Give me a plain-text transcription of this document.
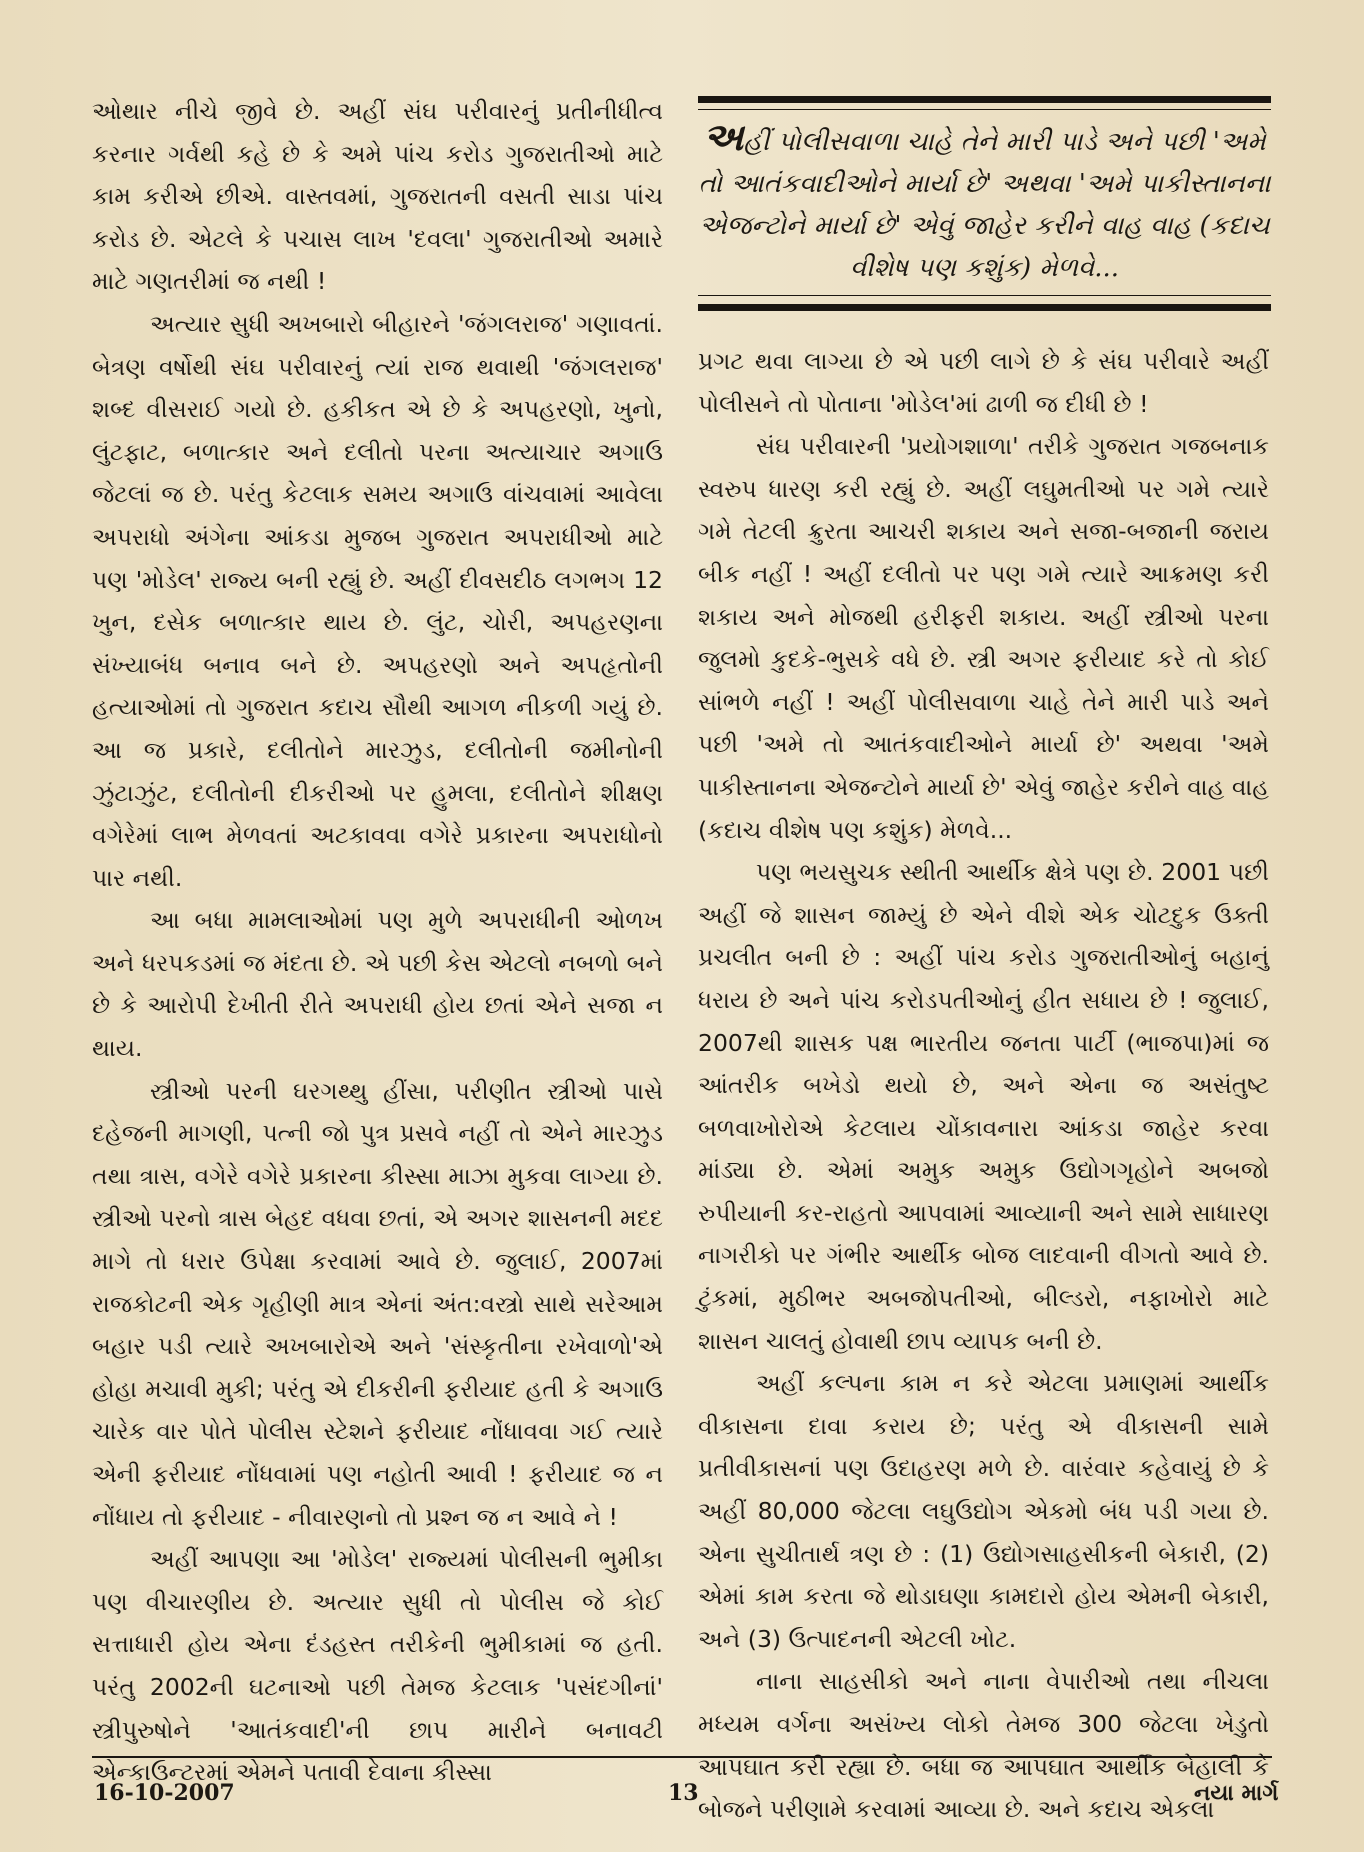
ઓથાર નીચે જીવે છે. અહીં સંઘ પરીવારનું પ્રતીનીધીત્વ કરનાર ગર્વથી કહે છે કે અમે પાંચ કરોડ ગુજરાતીઓ માટે કામ કરીએ છીએ. વાસ્તવમાં, ગુજરાતની વસતી સાડા પાંચ કરોડ છે. એટલે કે પચાસ લાખ 'દવલા' ગુજરાતીઓ અમારે માટે ગણતરીમાં જ નથી !

અત્યાર સુધી અખબારો બીહારને 'જંગલરાજ' ગણાવતાં. બેત્રણ વર્ષોથી સંઘ પરીવારનું ત્યાં રાજ થવાથી 'જંગલરાજ' શબ્દ વીસરાઈ ગયો છે. હકીકત એ છે કે અપહરણો, ખુનો, લુંટફાટ, બળાત્કાર અને દલીતો પરના અત્યાચાર અગાઉ જેટલાં જ છે. પરંતુ કેટલાક સમય અગાઉ વાંચવામાં આવેલા અપરાધો અંગેના આંકડા મુજબ ગુજરાત અપરાધીઓ માટે પણ 'મોડેલ' રાજ્ય બની રહ્યું છે. અહીં દીવસદીઠ લગભગ 12 ખુન, દસેક બળાત્કાર થાય છે. લુંટ, ચોરી, અપહરણના સંખ્યાબંધ બનાવ બને છે. અપહરણો અને અપહૃતોની હત્યાઓમાં તો ગુજરાત કદાચ સૌથી આગળ નીકળી ગયું છે. આ જ પ્રકારે, દલીતોને મારઝુડ, દલીતોની જમીનોની ઝુંટાઝુંટ, દલીતોની દીકરીઓ પર હુમલા, દલીતોને શીક્ષણ વગેરેમાં લાભ મેળવતાં અટકાવવા વગેરે પ્રકારના અપરાધોનો પાર નથી.

આ બધા મામલાઓમાં પણ મુળે અપરાધીની ઓળખ અને ધરપકડમાં જ મંદતા છે. એ પછી કેસ એટલો નબળો બને છે કે આરોપી દેખીતી રીતે અપરાધી હોય છતાં એને સજા ન થાય.

સ્ત્રીઓ પરની ઘરગથ્થુ હીંસા, પરીણીત સ્ત્રીઓ પાસે દહેજની માગણી, પત્ની જો પુત્ર પ્રસવે નહીં તો એને મારઝુડ તથા ત્રાસ, વગેરે વગેરે પ્રકારના કીસ્સા માઝા મુકવા લાગ્યા છે. સ્ત્રીઓ પરનો ત્રાસ બેહદ વધવા છતાં, એ અગર શાસનની મદદ માગે તો ધરાર ઉપેક્ષા કરવામાં આવે છે. જુલાઈ, 2007માં રાજકોટની એક ગૃહીણી માત્ર એનાં અંત:વસ્ત્રો સાથે સરેઆમ બહાર પડી ત્યારે અખબારોએ અને 'સંસ્કૃતીના રખેવાળો'એ હોહા મચાવી મુકી; પરંતુ એ દીકરીની ફરીયાદ હતી કે અગાઉ ચારેક વાર પોતે પોલીસ સ્ટેશને ફરીયાદ નોંધાવવા ગઈ ત્યારે એની ફરીયાદ નોંધવામાં પણ નહોતી આવી ! ફરીયાદ જ ન નોંધાય તો ફરીયાદ - નીવારણનો તો પ્રશ્ન જ ન આવે ને !

અહીં આપણા આ 'મોડેલ' રાજ્યમાં પોલીસની ભુમીકા પણ વીચારણીય છે. અત્યાર સુધી તો પોલીસ જે કોઈ સત્તાધારી હોય એના દંડહસ્ત તરીકેની ભુમીકામાં જ હતી. પરંતુ 2002ની ઘટનાઓ પછી તેમજ કેટલાક 'પસંદગીનાં' સ્ત્રીપુરુષોને 'આતંકવાદી'ની છાપ મારીને બનાવટી એન્કાઉન્ટરમાં એમને પતાવી દેવાના કીસ્સા

અહીં પોલીસવાળા ચાહે તેને મારી પાડે અને પછી 'અમે તો આતંકવાદીઓને માર્યા છે' અથવા 'અમે પાકીસ્તાનના એજન્ટોને માર્યા છે' એવું જાહેર કરીને વાહ વાહ (કદાચ વીશેષ પણ કશુંક) મેળવે...

પ્રગટ થવા લાગ્યા છે એ પછી લાગે છે કે સંઘ પરીવારે અહીં પોલીસને તો પોતાના 'મોડેલ'માં ઢાળી જ દીધી છે !

સંઘ પરીવારની 'પ્રયોગશાળા' તરીકે ગુજરાત ગજબનાક સ્વરુપ ધારણ કરી રહ્યું છે. અહીં લઘુમતીઓ પર ગમે ત્યારે ગમે તેટલી ક્રુરતા આચરી શકાય અને સજા-બજાની જરાય બીક નહીં ! અહીં દલીતો પર પણ ગમે ત્યારે આક્રમણ કરી શકાય અને મોજથી હરીફરી શકાય. અહીં સ્ત્રીઓ પરના જુલમો કુદકે-ભુસકે વધે છે. સ્ત્રી અગર ફરીયાદ કરે તો કોઈ સાંભળે નહીં ! અહીં પોલીસવાળા ચાહે તેને મારી પાડે અને પછી 'અમે તો આતંકવાદીઓને માર્યા છે' અથવા 'અમે પાકીસ્તાનના એજન્ટોને માર્યા છે' એવું જાહેર કરીને વાહ વાહ (કદાચ વીશેષ પણ કશુંક) મેળવે...

પણ ભયસુચક સ્થીતી આર્થીક ક્ષેત્રે પણ છે. 2001 પછી અહીં જે શાસન જામ્યું છે એને વીશે એક ચોટદુક ઉક્તી પ્રચલીત બની છે : અહીં પાંચ કરોડ ગુજરાતીઓનું બહાનું ધરાય છે અને પાંચ કરોડપતીઓનું હીત સધાય છે ! જુલાઈ, 2007થી શાસક પક્ષ ભારતીય જનતા પાર્ટી (ભાજપા)માં જ આંતરીક બખેડો થયો છે, અને એના જ અસંતુષ્ટ બળવાખોરોએ કેટલાય ચોંકાવનારા આંકડા જાહેર કરવા માંડ્યા છે. એમાં અમુક અમુક ઉદ્યોગગૃહોને અબજો રુપીયાની કર-રાહતો આપવામાં આવ્યાની અને સામે સાધારણ નાગરીકો પર ગંભીર આર્થીક બોજ લાદવાની વીગતો આવે છે. ટુંકમાં, મુઠીભર અબજોપતીઓ, બીલ્ડરો, નફાખોરો માટે શાસન ચાલતું હોવાથી છાપ વ્યાપક બની છે.

અહીં કલ્પના કામ ન કરે એટલા પ્રમાણમાં આર્થીક વીકાસના દાવા કરાય છે; પરંતુ એ વીકાસની સામે પ્રતીવીકાસનાં પણ ઉદાહરણ મળે છે. વારંવાર કહેવાયું છે કે અહીં 80,000 જેટલા લઘુઉદ્યોગ એકમો બંધ પડી ગયા છે. એના સુચીતાર્થ ત્રણ છે : (1) ઉદ્યોગસાહસીકની બેકારી, (2) એમાં કામ કરતા જે થોડાઘણા કામદારો હોય એમની બેકારી, અને (3) ઉત્પાદનની એટલી ખોટ.

નાના સાહસીકો અને નાના વેપારીઓ તથા નીચલા મધ્યમ વર્ગના અસંખ્ય લોકો તેમજ 300 જેટલા ખેડુતો આપઘાત કરી રહ્યા છે. બધા જ આપઘાત આર્થીક બેહાલી કે બોજને પરીણામે કરવામાં આવ્યા છે. અને કદાચ એકલા

16-10-2007	13	નયા માર્ગ
